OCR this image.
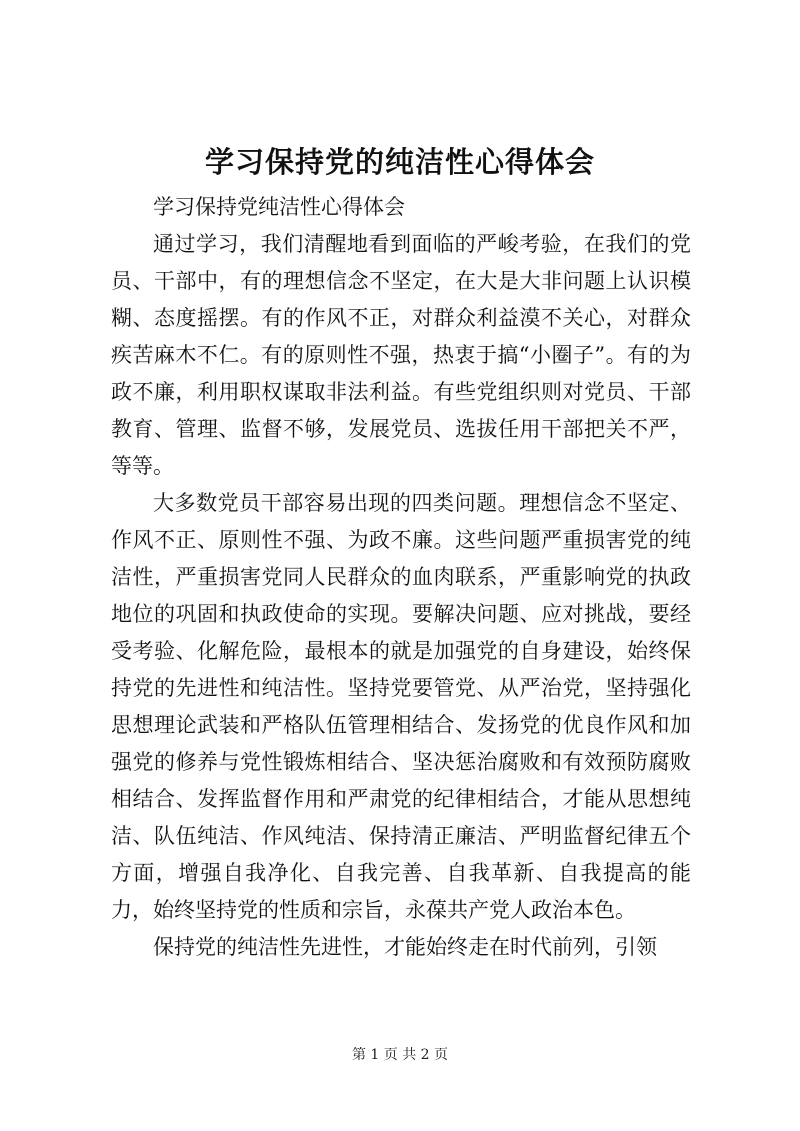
学习保持党的纯洁性心得体会

学习保持党纯洁性心得体会

通过学习，我们清醒地看到面临的严峻考验，在我们的党员、干部中，有的理想信念不坚定，在大是大非问题上认识模糊、态度摇摆。有的作风不正，对群众利益漠不关心，对群众疾苦麻木不仁。有的原则性不强，热衷于搞“小圈子”。有的为政不廉，利用职权谋取非法利益。有些党组织则对党员、干部教育、管理、监督不够，发展党员、选拔任用干部把关不严，等等。

大多数党员干部容易出现的四类问题。理想信念不坚定、作风不正、原则性不强、为政不廉。这些问题严重损害党的纯洁性，严重损害党同人民群众的血肉联系，严重影响党的执政地位的巩固和执政使命的实现。要解决问题、应对挑战，要经受考验、化解危险，最根本的就是加强党的自身建设，始终保持党的先进性和纯洁性。坚持党要管党、从严治党，坚持强化思想理论武装和严格队伍管理相结合、发扬党的优良作风和加强党的修养与党性锻炼相结合、坚决惩治腐败和有效预防腐败相结合、发挥监督作用和严肃党的纪律相结合，才能从思想纯洁、队伍纯洁、作风纯洁、保持清正廉洁、严明监督纪律五个方面，增强自我净化、自我完善、自我革新、自我提高的能力，始终坚持党的性质和宗旨，永葆共产党人政治本色。

保持党的纯洁性先进性，才能始终走在时代前列，引领

第 1 页 共 2 页
